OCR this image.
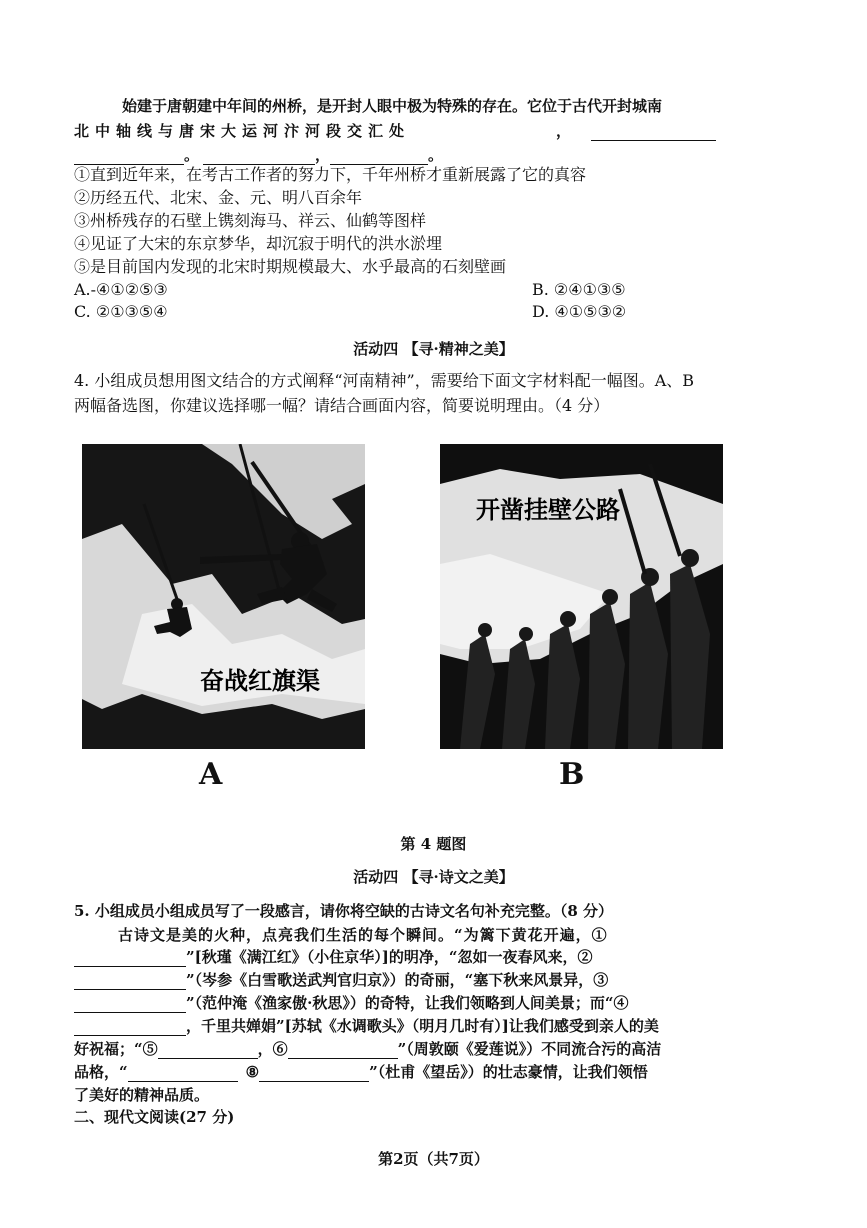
始建于唐朝建中年间的州桥，是开封人眼中极为特殊的存在。它位于古代开封城南
北中轴线与唐宋大运河汴河段交汇处	，
。	，	。
①直到近年来，在考古工作者的努力下，千年州桥才重新展露了它的真容
②历经五代、北宋、金、元、明八百余年
③州桥残存的石壁上镌刻海马、祥云、仙鹤等图样
④见证了大宋的东京梦华，却沉寂于明代的洪水淤埋
⑤是目前国内发现的北宋时期规模最大、水乎最高的石刻壁画
A.-④①②⑤③	B. ②④①③⑤
C. ②①③⑤④	D. ④①⑤③②
活动四 【寻·精神之美】
4. 小组成员想用图文结合的方式阐释“河南精神”，需要给下面文字材料配一幅图。A、B
两幅备选图，你建议选择哪一幅？请结合画面内容，简要说明理由。（4 分）
奋战红旗渠
A
开凿挂壁公路
B
第 4 题图
活动四 【寻·诗文之美】
5. 小组成员小组成员写了一段感言，请你将空缺的古诗文名句补充完整。（8 分）
古诗文是美的火种，点亮我们生活的每个瞬间。“为篱下黄花开遍，①
”[秋瑾《满江红》（小住京华）]的明净，“忽如一夜春风来，②
”（岑参《白雪歌送武判官归京》）的奇丽，“塞下秋来风景异，③
”（范仲淹《渔家傲·秋思》）的奇特，让我们领略到人间美景；而“④
，千里共婵娟”[苏轼《水调歌头》（明月几时有）]让我们感受到亲人的美
好祝福；“⑤	，⑥	”（周敦颐《爱莲说》）不同流合污的高洁
品格，“	⑧	”（杜甫《望岳》）的壮志豪情，让我们领悟
了美好的精神品质。
二、现代文阅读(27 分)
第2页（共7页）
